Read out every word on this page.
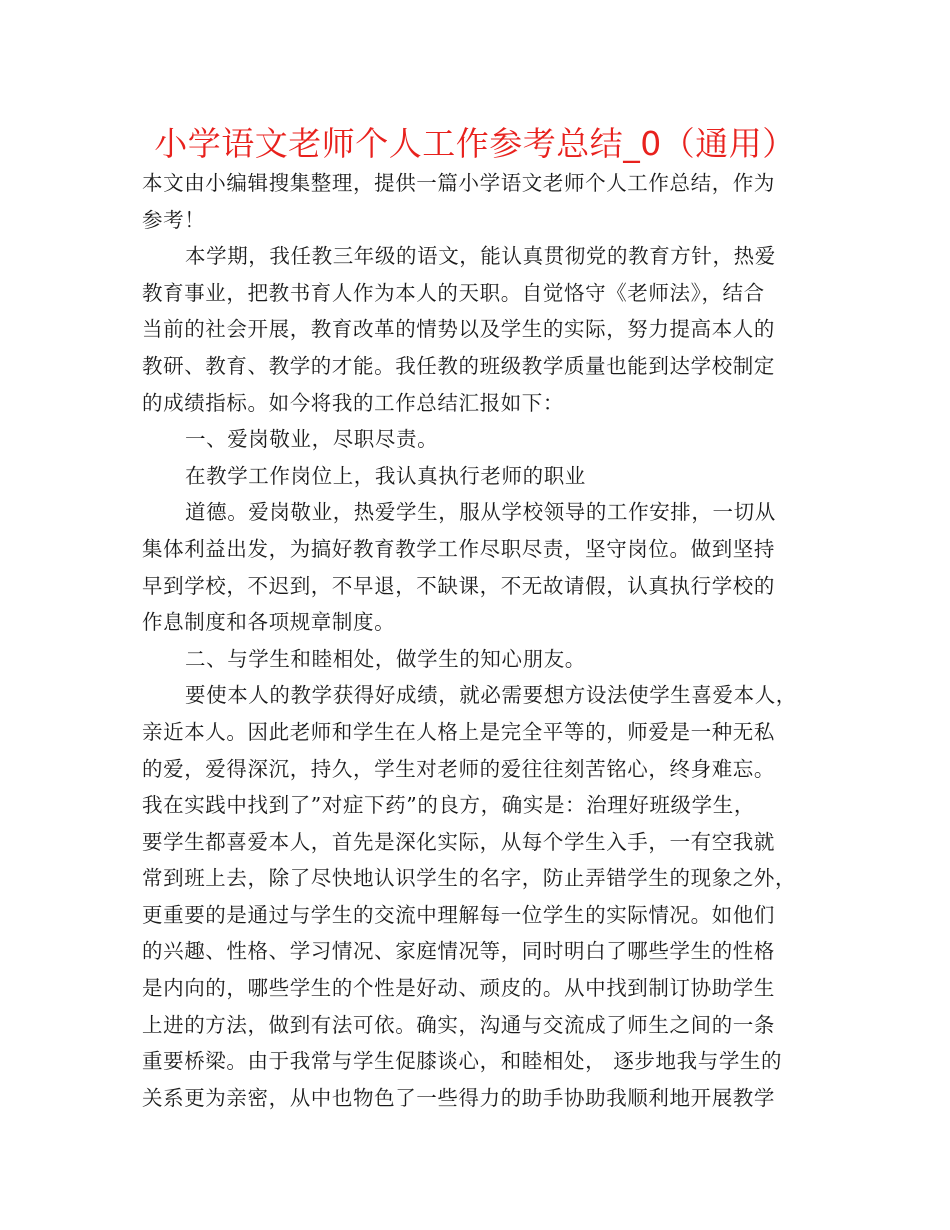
小学语文老师个人工作参考总结_0（通用）
本文由小编辑搜集整理，提供一篇小学语文老师个人工作总结，作为
参考！
本学期，我任教三年级的语文，能认真贯彻党的教育方针，热爱
教育事业，把教书育人作为本人的天职。自觉恪守《老师法》，结合
当前的社会开展，教育改革的情势以及学生的实际，努力提高本人的
教研、教育、教学的才能。我任教的班级教学质量也能到达学校制定
的成绩指标。如今将我的工作总结汇报如下：
一、爱岗敬业，尽职尽责。
在教学工作岗位上，我认真执行老师的职业
道德。爱岗敬业，热爱学生，服从学校领导的工作安排，一切从
集体利益出发，为搞好教育教学工作尽职尽责，坚守岗位。做到坚持
早到学校，不迟到，不早退，不缺课，不无故请假，认真执行学校的
作息制度和各项规章制度。
二、与学生和睦相处，做学生的知心朋友。
要使本人的教学获得好成绩，就必需要想方设法使学生喜爱本人，
亲近本人。因此老师和学生在人格上是完全平等的，师爱是一种无私
的爱，爱得深沉，持久，学生对老师的爱往往刻苦铭心，终身难忘。
我在实践中找到了”对症下药”的良方，确实是：治理好班级学生，
要学生都喜爱本人，首先是深化实际，从每个学生入手，一有空我就
常到班上去，除了尽快地认识学生的名字，防止弄错学生的现象之外，
更重要的是通过与学生的交流中理解每一位学生的实际情况。如他们
的兴趣、性格、学习情况、家庭情况等，同时明白了哪些学生的性格
是内向的，哪些学生的个性是好动、顽皮的。从中找到制订协助学生
上进的方法，做到有法可依。确实，沟通与交流成了师生之间的一条
重要桥梁。由于我常与学生促膝谈心，和睦相处， 逐步地我与学生的
关系更为亲密，从中也物色了一些得力的助手协助我顺利地开展教学
